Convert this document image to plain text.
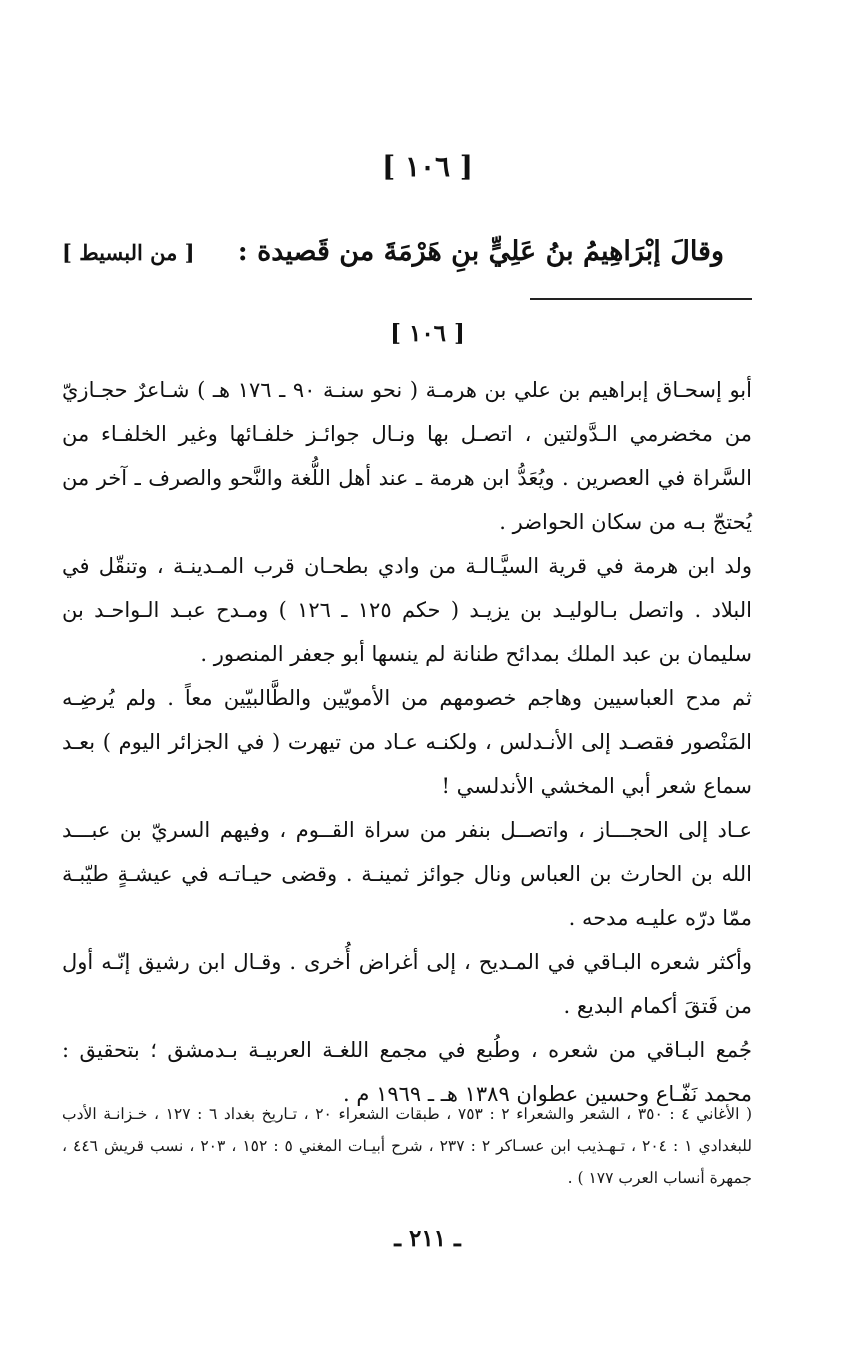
[ ١٠٦ ]
وقالَ إبْرَاهِيمُ بنُ عَلِيٍّ بنِ هَرْمَةَ من قَصيدة :
[ من البسيط ]
[ ١٠٦ ]

أبو إسحـاق إبراهيم بن علي بن هرمـة ( نحو سنـة ٩٠ ـ ١٧٦ هـ ) شـاعرٌ حجـازيّ من مخضرمي الـدَّولتين ، اتصـل بها ونـال جوائـز خلفـائها وغير الخلفـاء من السَّراة في العصرين . ويُعَدُّ ابن هرمة ـ عند أهل اللُّغة والنَّحو والصرف ـ آخر من يُحتجّ بـه من سكان الحواضر .

ولد ابن هرمة في قرية السيَّـالـة من وادي بطحـان قرب المـدينـة ، وتنقّل في البلاد . واتصل بـالوليـد بن يزيـد ( حكم ١٢٥ ـ ١٢٦ ) ومـدح عبـد الـواحـد بن سليمان بن عبد الملك بمدائح طنانة لم ينسها أبو جعفر المنصور .

ثم مدح العباسيين وهاجم خصومهم من الأمويّين والطَّالبيّين معاً . ولم يُرضِـه المَنْصور فقصـد إلى الأنـدلس ، ولكنـه عـاد من تيهرت ( في الجزائر اليوم ) بعـد سماع شعر أبي المخشي الأندلسي !

عـاد إلى الحجـــاز ، واتصــل بنفر من سراة القــوم ، وفيهم السريّ بن عبـــد الله بن الحارث بن العباس ونال جوائز ثمينـة . وقضى حيـاتـه في عيشـةٍ طيّبـة ممّا درّه عليـه مدحه .

وأكثر شعره البـاقي في المـديح ، إلى أغراض أُخرى . وقـال ابن رشيق إنّـه أول من فَتقَ أكمام البديع .

جُمع البـاقي من شعره ، وطُبع في مجمع اللغـة العربيـة بـدمشق ؛ بتحقيق : محمد نَفّـاع وحسين عطوان ١٣٨٩ هـ ـ ١٩٦٩ م .

( الأغاني ٤ : ٣٥٠ ، الشعر والشعراء ٢ : ٧٥٣ ، طبقات الشعراء ٢٠ ، تـاريخ بغداد ٦ : ١٢٧ ، خـزانـة الأدب للبغدادي ١ : ٢٠٤ ، تـهـذيب ابن عسـاكر ٢ : ٢٣٧ ، شرح أبيـات المغني ٥ : ١٥٢ ، ٢٠٣ ، نسب قريش ٤٤٦ ، جمهرة أنساب العرب ١٧٧ ) .

ـ ٢١١ ـ
